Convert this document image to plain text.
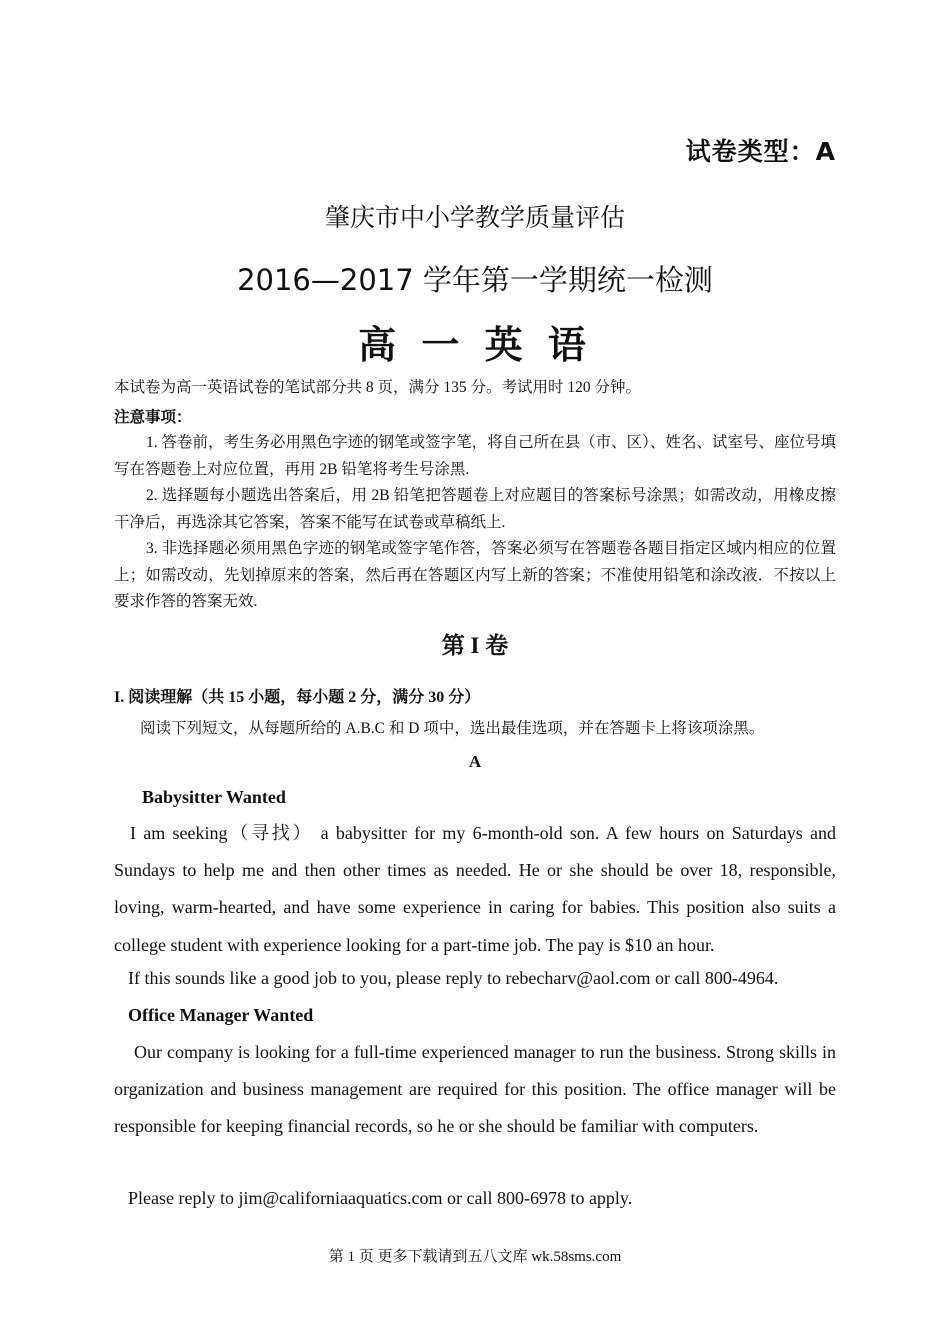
试卷类型：A
肇庆市中小学教学质量评估
2016—2017 学年第一学期统一检测
高 一 英 语
本试卷为高一英语试卷的笔试部分共 8 页，满分 135 分。考试用时 120 分钟。
注意事项：

1. 答卷前，考生务必用黑色字迹的钢笔或签字笔，将自己所在县（市、区）、姓名、试室号、座位号填写在答题卷上对应位置，再用 2B 铅笔将考生号涂黑.

2. 选择题每小题选出答案后，用 2B 铅笔把答题卷上对应题目的答案标号涂黑；如需改动，用橡皮擦干净后，再选涂其它答案，答案不能写在试卷或草稿纸上.

3. 非选择题必须用黑色字迹的钢笔或签字笔作答，答案必须写在答题卷各题目指定区域内相应的位置上；如需改动，先划掉原来的答案，然后再在答题区内写上新的答案；不准使用铅笔和涂改液．不按以上要求作答的答案无效.

第 I 卷
I. 阅读理解（共 15 小题，每小题 2 分，满分 30 分）
阅读下列短文，从每题所给的 A.B.C 和 D 项中，选出最佳选项，并在答题卡上将该项涂黑。
A
Babysitter Wanted
I am seeking（寻找） a babysitter for my 6-month-old son. A few hours on Saturdays and Sundays to help me and then other times as needed. He or she should be over 18, responsible, loving, warm-hearted, and have some experience in caring for babies. This position also suits a college student with experience looking for a part-time job. The pay is $10 an hour.
If this sounds like a good job to you, please reply to rebecharv@aol.com or call 800-4964.
Office Manager Wanted
Our company is looking for a full-time experienced manager to run the business. Strong skills in organization and business management are required for this position. The office manager will be responsible for keeping financial records, so he or she should be familiar with computers.
Please reply to jim@californiaaquatics.com or call 800-6978 to apply.
第 1 页 更多下载请到五八文库 wk.58sms.com
